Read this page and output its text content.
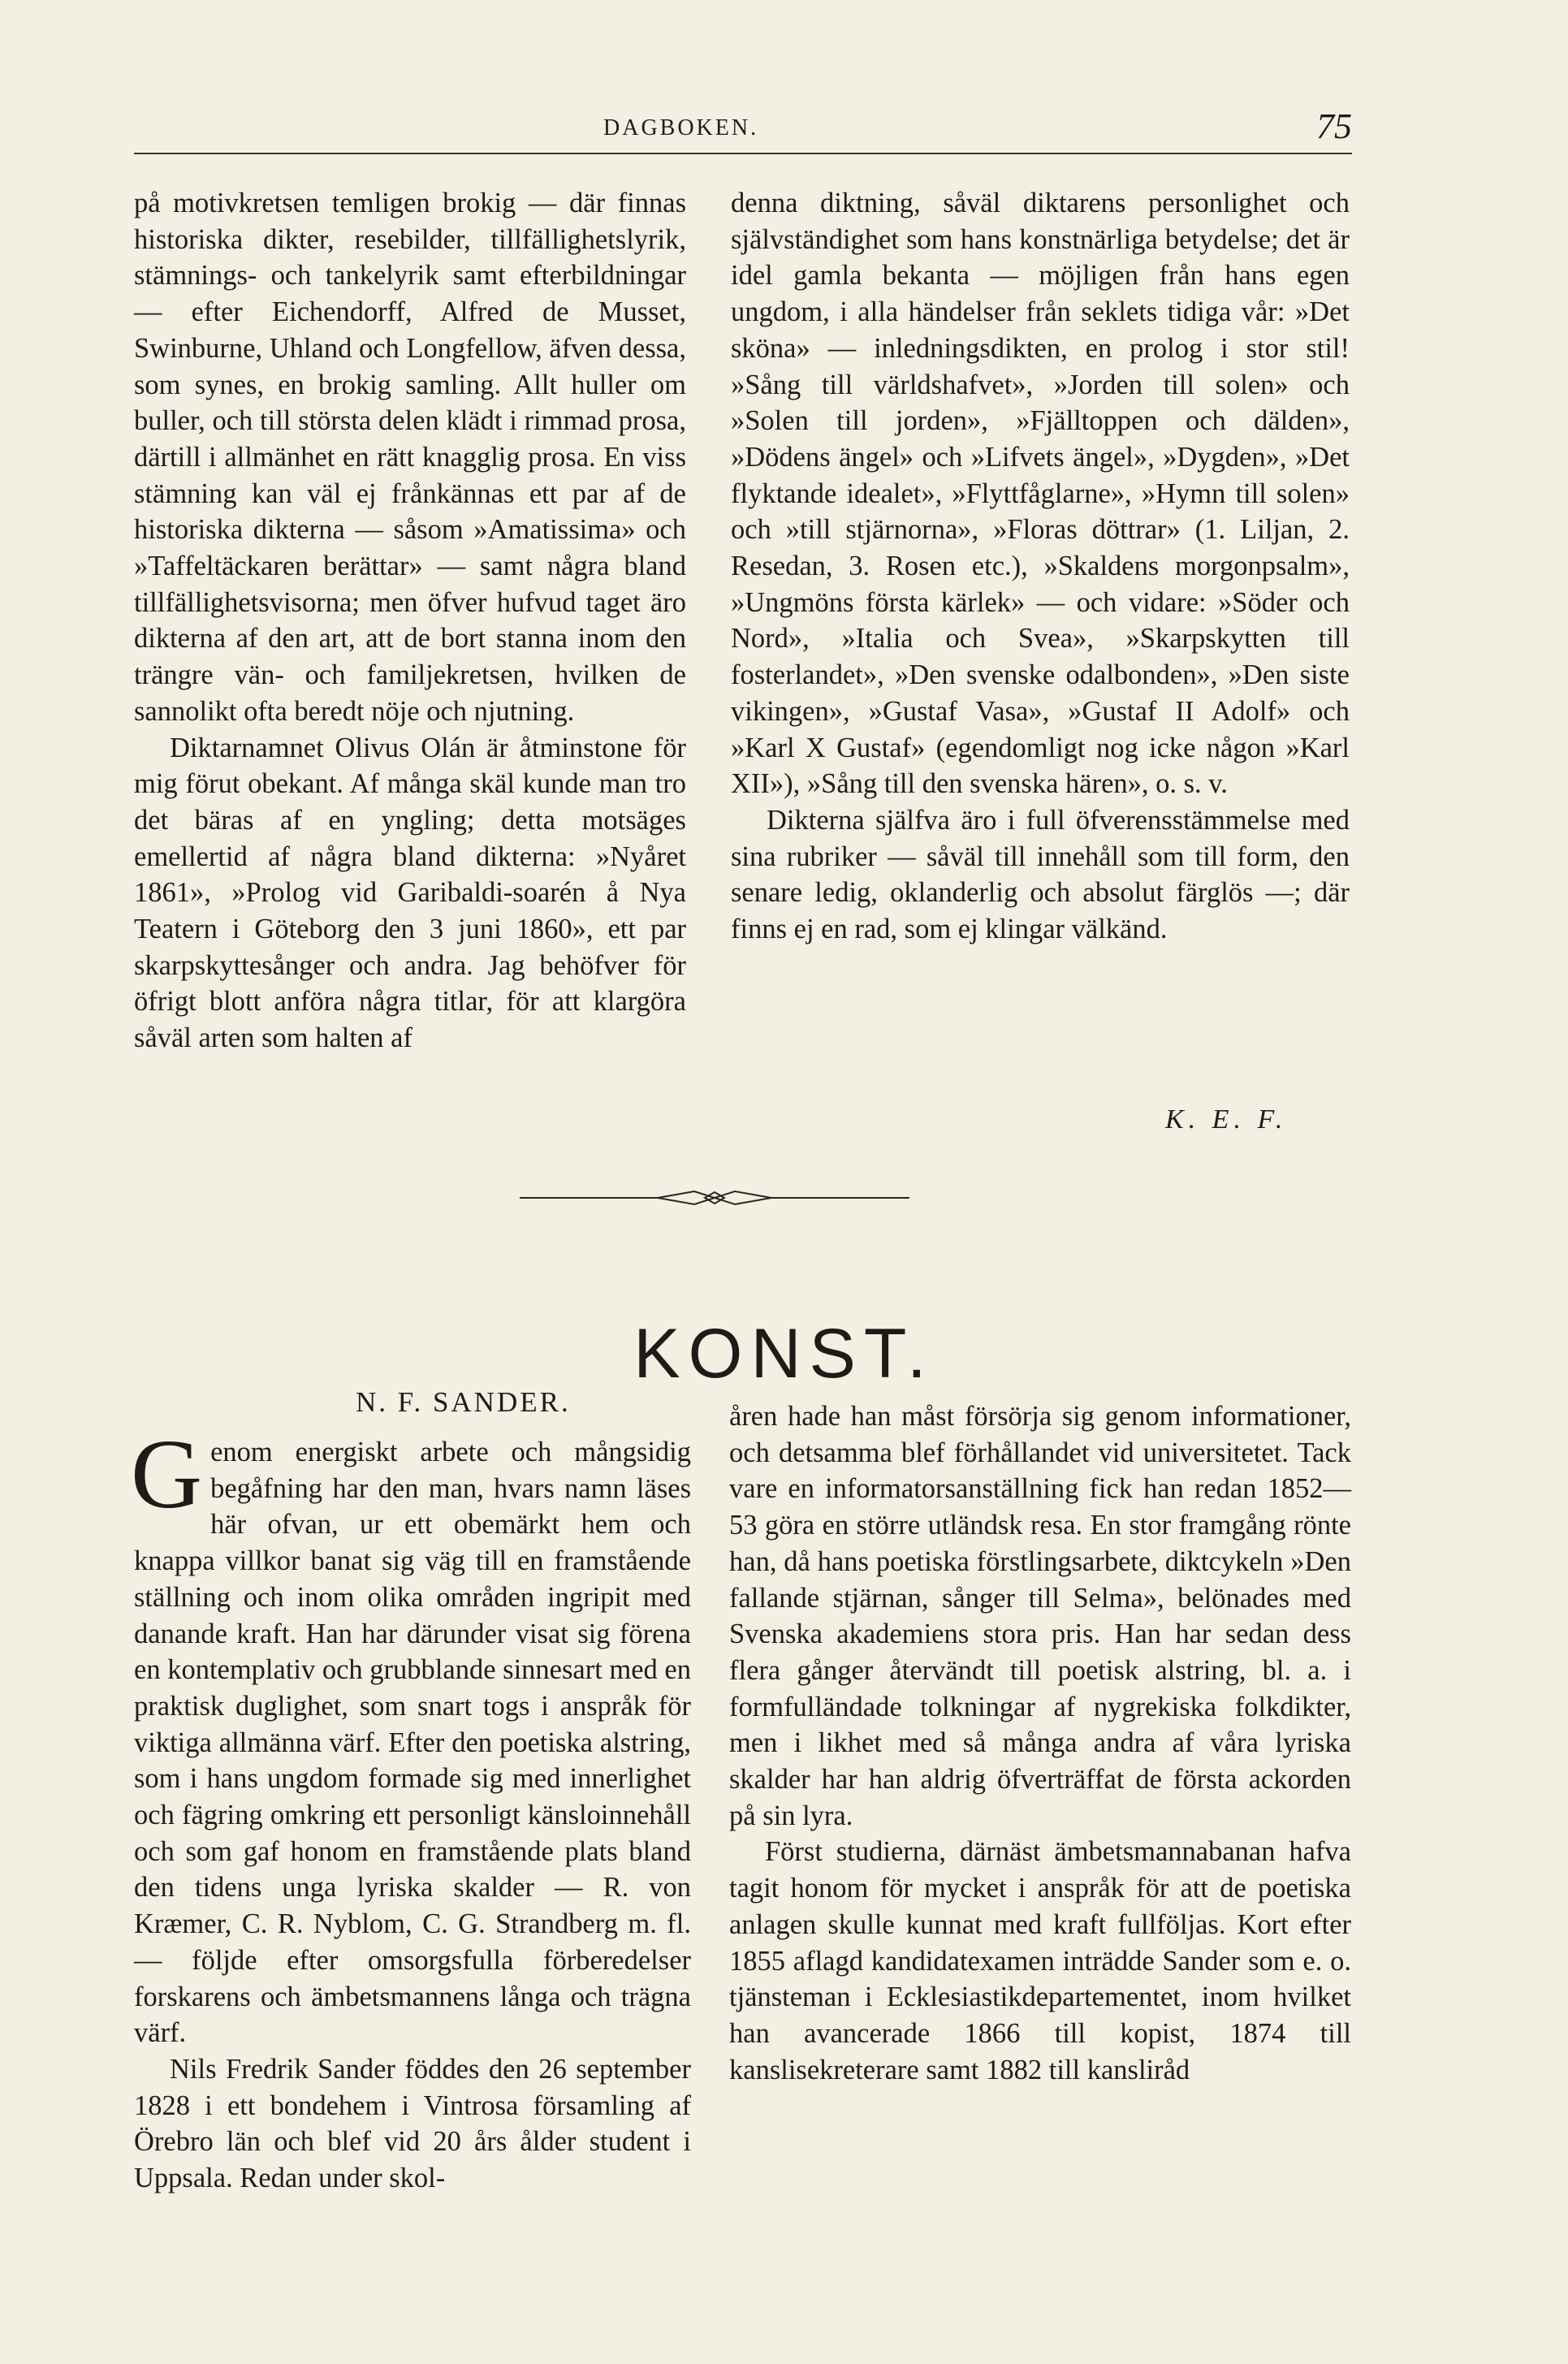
DAGBOKEN.	75

på motivkretsen temligen brokig — där finnas historiska dikter, resebilder, tillfällighetslyrik, stämnings- och tankelyrik samt efterbildningar — efter Eichendorff, Alfred de Musset, Swinburne, Uhland och Longfellow, äfven dessa, som synes, en brokig samling. Allt huller om buller, och till största delen klädt i rimmad prosa, därtill i allmänhet en rätt knagglig prosa. En viss stämning kan väl ej frånkännas ett par af de historiska dikterna — såsom »Amatissima» och »Taffeltäckaren berättar» — samt några bland tillfällighetsvisorna; men öfver hufvud taget äro dikterna af den art, att de bort stanna inom den trängre vän- och familjekretsen, hvilken de sannolikt ofta beredt nöje och njutning.

Diktarnamnet Olivus Olán är åtminstone för mig förut obekant. Af många skäl kunde man tro det bäras af en yngling; detta motsäges emellertid af några bland dikterna: »Nyåret 1861», »Prolog vid Garibaldi-soarén å Nya Teatern i Göteborg den 3 juni 1860», ett par skarpskyttesånger och andra. Jag behöfver för öfrigt blott anföra några titlar, för att klargöra såväl arten som halten af

denna diktning, såväl diktarens personlighet och självständighet som hans konstnärliga betydelse; det är idel gamla bekanta — möjligen från hans egen ungdom, i alla händelser från seklets tidiga vår: »Det sköna» — inledningsdikten, en prolog i stor stil! »Sång till världshafvet», »Jorden till solen» och »Solen till jorden», »Fjälltoppen och dälden», »Dödens ängel» och »Lifvets ängel», »Dygden», »Det flyktande idealet», »Flyttfåglarne», »Hymn till solen» och »till stjärnorna», »Floras döttrar» (1. Liljan, 2. Resedan, 3. Rosen etc.), »Skaldens morgonpsalm», »Ungmöns första kärlek» — och vidare: »Söder och Nord», »Italia och Svea», »Skarpskytten till fosterlandet», »Den svenske odalbonden», »Den siste vikingen», »Gustaf Vasa», »Gustaf II Adolf» och »Karl X Gustaf» (egendomligt nog icke någon »Karl XII»), »Sång till den svenska hären», o. s. v.

Dikterna själfva äro i full öfverensstämmelse med sina rubriker — såväl till innehåll som till form, den senare ledig, oklanderlig och absolut färglös —; där finns ej en rad, som ej klingar välkänd.

K. E. F.
KONST.
N. F. SANDER.

Genom energiskt arbete och mångsidig begåfning har den man, hvars namn läses här ofvan, ur ett obemärkt hem och knappa villkor banat sig väg till en framstående ställning och inom olika områden ingripit med danande kraft. Han har därunder visat sig förena en kontemplativ och grubblande sinnesart med en praktisk duglighet, som snart togs i anspråk för viktiga allmänna värf. Efter den poetiska alstring, som i hans ungdom formade sig med innerlighet och fägring omkring ett personligt känsloinnehåll och som gaf honom en framstående plats bland den tidens unga lyriska skalder — R. von Kræmer, C. R. Nyblom, C. G. Strandberg m. fl. — följde efter omsorgsfulla förberedelser forskarens och ämbetsmannens långa och trägna värf.

Nils Fredrik Sander föddes den 26 september 1828 i ett bondehem i Vintrosa församling af Örebro län och blef vid 20 års ålder student i Uppsala. Redan under skol-

åren hade han måst försörja sig genom informationer, och detsamma blef förhållandet vid universitetet. Tack vare en informatorsanställning fick han redan 1852—53 göra en större utländsk resa. En stor framgång rönte han, då hans poetiska förstlingsarbete, diktcykeln »Den fallande stjärnan, sånger till Selma», belönades med Svenska akademiens stora pris. Han har sedan dess flera gånger återvändt till poetisk alstring, bl. a. i formfulländade tolkningar af nygrekiska folkdikter, men i likhet med så många andra af våra lyriska skalder har han aldrig öfverträffat de första ackorden på sin lyra.

Först studierna, därnäst ämbetsmannabanan hafva tagit honom för mycket i anspråk för att de poetiska anlagen skulle kunnat med kraft fullföljas. Kort efter 1855 aflagd kandidatexamen inträdde Sander som e. o. tjänsteman i Ecklesiastikdepartementet, inom hvilket han avancerade 1866 till kopist, 1874 till kanslisekreterare samt 1882 till kansliråd
